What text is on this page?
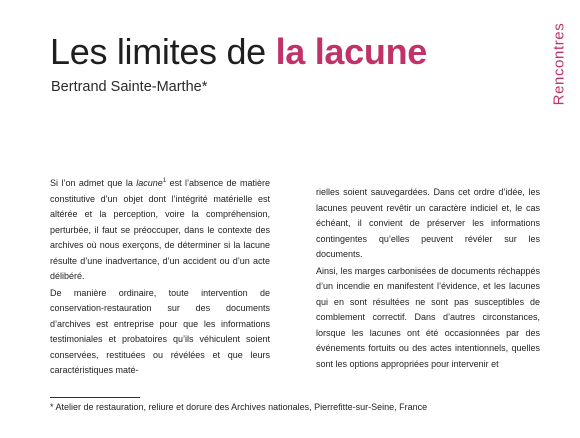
Les limites de la lacune
Bertrand Sainte-Marthe*	Rencontres

Si l’on admet que la lacune$^1$ est l’absence de matière constitutive d’un objet dont l’intégrité matérielle est altérée et la perception, voire la compréhension, perturbée, il faut se préoccuper, dans le contexte des archives où nous exerçons, de déterminer si la lacune résulte d’une inadvertance, d’un accident ou d’un acte délibéré.

De manière ordinaire, toute intervention de conservation-restauration sur des documents d’archives est entreprise pour que les informations testimoniales et probatoires qu’ils véhiculent soient conservées, restituées ou révélées et que leurs caractéristiques maté-

rielles soient sauvegardées. Dans cet ordre d’idée, les lacunes peuvent revêtir un caractère indiciel et, le cas échéant, il convient de préserver les informations contingentes qu’elles peuvent révéler sur les documents.

Ainsi, les marges carbonisées de documents réchappés d’un incendie en manifestent l’évidence, et les lacunes qui en sont résultées ne sont pas susceptibles de comblement correctif. Dans d’autres circonstances, lorsque les lacunes ont été occasionnées par des événements fortuits ou des actes intentionnels, quelles sont les options appropriées pour intervenir et

* Atelier de restauration, reliure et dorure des Archives nationales, Pierrefitte-sur-Seine, France
